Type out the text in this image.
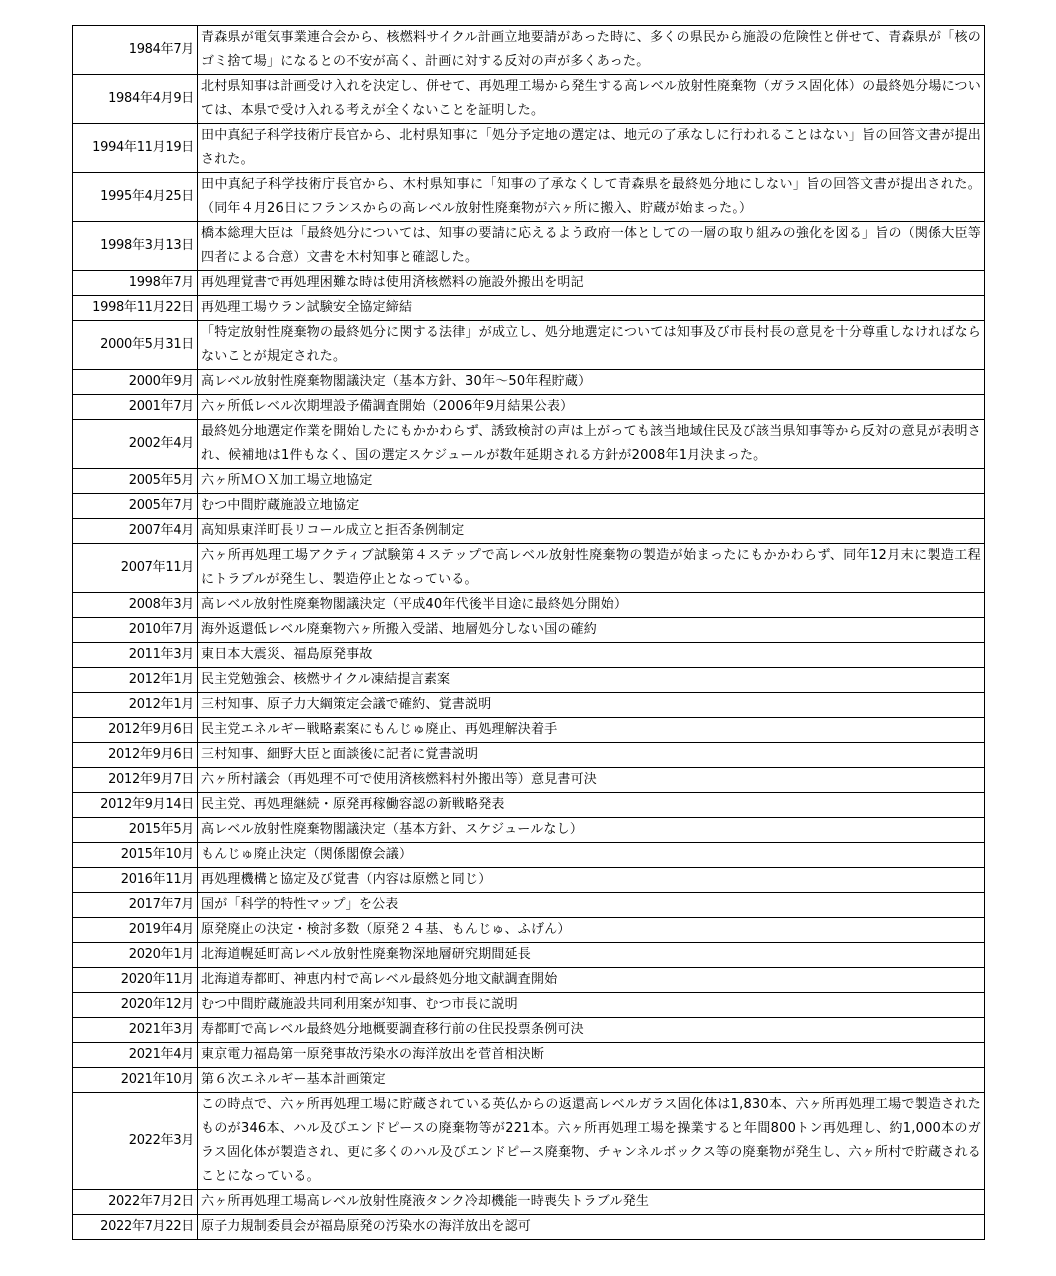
1984年7月	青森県が電気事業連合会から、核燃料サイクル計画立地要請があった時に、多くの県民から施設の危険性と併せて、青森県が「核のゴミ捨て場」になるとの不安が高く、計画に対する反対の声が多くあった。
1984年4月9日	北村県知事は計画受け入れを決定し、併せて、再処理工場から発生する高レベル放射性廃棄物（ガラス固化体）の最終処分場については、本県で受け入れる考えが全くないことを証明した。
1994年11月19日	田中真紀子科学技術庁長官から、北村県知事に「処分予定地の選定は、地元の了承なしに行われることはない」旨の回答文書が提出された。
1995年4月25日	田中真紀子科学技術庁長官から、木村県知事に「知事の了承なくして青森県を最終処分地にしない」旨の回答文書が提出された。（同年４月26日にフランスからの高レベル放射性廃棄物が六ヶ所に搬入、貯蔵が始まった。）
1998年3月13日	橋本総理大臣は「最終処分については、知事の要請に応えるよう政府一体としての一層の取り組みの強化を図る」旨の（関係大臣等四者による合意）文書を木村知事と確認した。
1998年7月	再処理覚書で再処理困難な時は使用済核燃料の施設外搬出を明記
1998年11月22日	再処理工場ウラン試験安全協定締結
2000年5月31日	「特定放射性廃棄物の最終処分に関する法律」が成立し、処分地選定については知事及び市長村長の意見を十分尊重しなければならないことが規定された。
2000年9月	高レベル放射性廃棄物閣議決定（基本方針、30年～50年程貯蔵）
2001年7月	六ヶ所低レベル次期埋設予備調査開始（2006年9月結果公表）
2002年4月	最終処分地選定作業を開始したにもかかわらず、誘致検討の声は上がっても該当地域住民及び該当県知事等から反対の意見が表明され、候補地は1件もなく、国の選定スケジュールが数年延期される方針が2008年1月決まった。
2005年5月	六ヶ所ＭＯＸ加工場立地協定
2005年7月	むつ中間貯蔵施設立地協定
2007年4月	高知県東洋町長リコール成立と拒否条例制定
2007年11月	六ヶ所再処理工場アクティブ試験第４ステップで高レベル放射性廃棄物の製造が始まったにもかかわらず、同年12月末に製造工程にトラブルが発生し、製造停止となっている。
2008年3月	高レベル放射性廃棄物閣議決定（平成40年代後半目途に最終処分開始）
2010年7月	海外返還低レベル廃棄物六ヶ所搬入受諾、地層処分しない国の確約
2011年3月	東日本大震災、福島原発事故
2012年1月	民主党勉強会、核燃サイクル凍結提言素案
2012年1月	三村知事、原子力大綱策定会議で確約、覚書説明
2012年9月6日	民主党エネルギー戦略素案にもんじゅ廃止、再処理解決着手
2012年9月6日	三村知事、細野大臣と面談後に記者に覚書説明
2012年9月7日	六ヶ所村議会（再処理不可で使用済核燃料村外搬出等）意見書可決
2012年9月14日	民主党、再処理継続・原発再稼働容認の新戦略発表
2015年5月	高レベル放射性廃棄物閣議決定（基本方針、スケジュールなし）
2015年10月	もんじゅ廃止決定（関係閣僚会議）
2016年11月	再処理機構と協定及び覚書（内容は原燃と同じ）
2017年7月	国が「科学的特性マップ」を公表
2019年4月	原発廃止の決定・検討多数（原発２４基、もんじゅ、ふげん）
2020年1月	北海道幌延町高レベル放射性廃棄物深地層研究期間延長
2020年11月	北海道寿都町、神恵内村で高レベル最終処分地文献調査開始
2020年12月	むつ中間貯蔵施設共同利用案が知事、むつ市長に説明
2021年3月	寿都町で高レベル最終処分地概要調査移行前の住民投票条例可決
2021年4月	東京電力福島第一原発事故汚染水の海洋放出を菅首相決断
2021年10月	第６次エネルギー基本計画策定
2022年3月	この時点で、六ヶ所再処理工場に貯蔵されている英仏からの返還高レベルガラス固化体は1,830本、六ヶ所再処理工場で製造されたものが346本、ハル及びエンドピースの廃棄物等が221本。六ヶ所再処理工場を操業すると年間800トン再処理し、約1,000本のガラス固化体が製造され、更に多くのハル及びエンドピース廃棄物、チャンネルボックス等の廃棄物が発生し、六ヶ所村で貯蔵されることになっている。
2022年7月2日	六ヶ所再処理工場高レベル放射性廃液タンク冷却機能一時喪失トラブル発生
2022年7月22日	原子力規制委員会が福島原発の汚染水の海洋放出を認可
